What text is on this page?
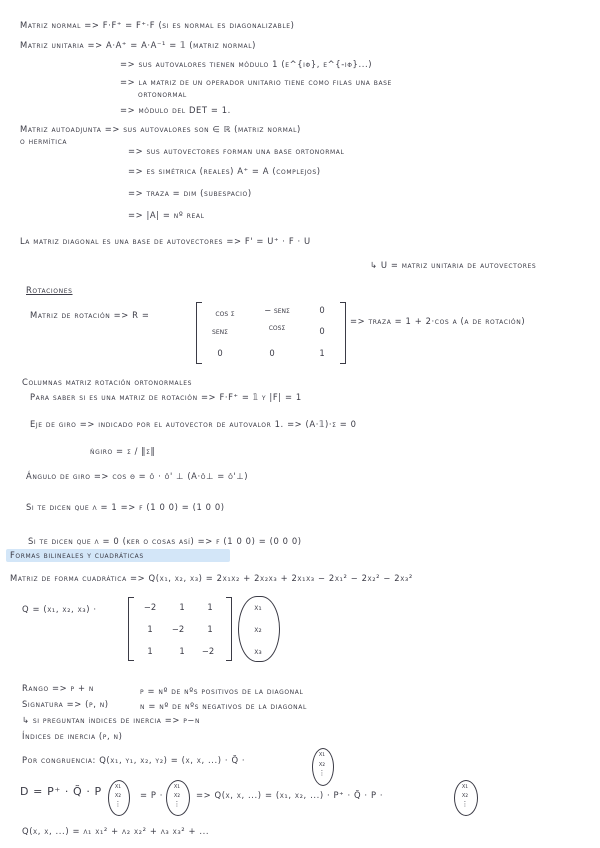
Matriz normal => F·F⁺ = F⁺·F (si es normal es diagonalizable)
Matriz unitaria => A·A⁺ = A·A⁻¹ = 𝟙 (matriz normal)
=> sus autovalores tienen módulo 1 (e^{iφ}, e^{-iφ}...)
=> la matriz de un operador unitario tiene como filas una base
ortonormal
=> módulo del DET = 1.
Matriz autoadjunta => sus autovalores son ∈ ℝ (matriz normal)
o hermítica
=> sus autovectores forman una base ortonormal
=> es simétrica (reales) A⁺ = A (complejos)
=> traza = dim (subespacio)
=> |A| = nº real
La matriz diagonal es una base de autovectores => F' = U⁺ · F · U
↳ U = matriz unitaria de autovectores
Rotaciones
Matriz de rotación => R =	cos σ	− senσ	0
senσ	cosσ	0
0	0	1
=> traza = 1 + 2·cos α (α de rotación)
Columnas matriz rotación ortonormales
Para saber si es una matriz de rotación => F·F⁺ = 𝟙 y |F| = 1
Eje de giro => indicado por el autovector de autovalor 1. => (A·𝟙)·σ = 0
n̂giro = σ / ‖σ‖
Ángulo de giro => cos θ = ô · ô' ⊥ (A·ô⊥ = ô'⊥)
Si te dicen que λ = 1 => f (1 0 0) = (1 0 0)
Si te dicen que λ = 0 (ker o cosas así) => f (1 0 0) = (0 0 0)
Formas bilineales y cuadráticas
Matriz de forma cuadrática => Q(x₁, x₂, x₃) = 2x₁x₂ + 2x₂x₃ + 2x₁x₃ − 2x₁² − 2x₂² − 2x₃²
Q = (x₁, x₂, x₃) ·	−2	1	1
1	−2	1
1	1	−2
x₁
x₂
x₃
Rango => p + n	p = nº de nºs positivos de la diagonal
Signatura => (p, n)	n = nº de nºs negativos de la diagonal
↳ si preguntan índices de inercia => p−n
Índices de inercia (p, n)
Por congruencia: Q(x₁, y₁, x₂, y₂) = (x, x, ...) · Q̃ ·
x₁
x₂
⋮
D = P⁺ · Q̃ · P	x₁
x₂
⋮
= P ·
x₁
x₂
⋮
=> Q(x, x, ...) = (x₁, x₂, ...) · P⁺ · Q̃ · P ·
x₁
x₂
⋮
Q(x, x, ...) = λ₁ x₁² + λ₂ x₂² + λ₃ x₃² + ...
